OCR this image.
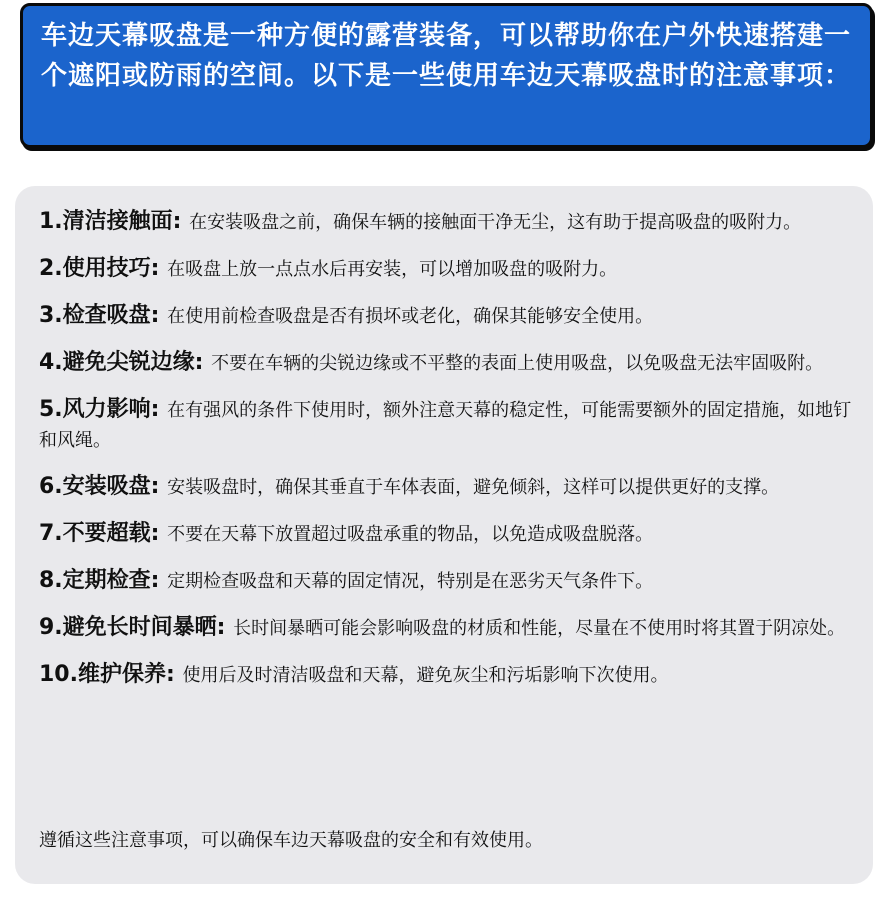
车边天幕吸盘是一种方便的露营装备，可以帮助你在户外快速搭建一个遮阳或防雨的空间。以下是一些使用车边天幕吸盘时的注意事项：
1.清洁接触面 : 在安装吸盘之前，确保车辆的接触面干净无尘，这有助于提高吸盘的吸附力。
2.使用技巧 : 在吸盘上放一点点水后再安装，可以增加吸盘的吸附力。
3.检查吸盘 : 在使用前检查吸盘是否有损坏或老化，确保其能够安全使用。
4.避免尖锐边缘 : 不要在车辆的尖锐边缘或不平整的表面上使用吸盘，以免吸盘无法牢固吸附。
5.风力影响 : 在有强风的条件下使用时，额外注意天幕的稳定性，可能需要额外的固定措施，如地钉和风绳。
6.安装吸盘 : 安装吸盘时，确保其垂直于车体表面，避免倾斜，这样可以提供更好的支撑。
7.不要超载 : 不要在天幕下放置超过吸盘承重的物品，以免造成吸盘脱落。
8.定期检查 : 定期检查吸盘和天幕的固定情况，特别是在恶劣天气条件下。
9.避免长时间暴晒 : 长时间暴晒可能会影响吸盘的材质和性能，尽量在不使用时将其置于阴凉处。
10.维护保养 : 使用后及时清洁吸盘和天幕，避免灰尘和污垢影响下次使用。
遵循这些注意事项，可以确保车边天幕吸盘的安全和有效使用。
